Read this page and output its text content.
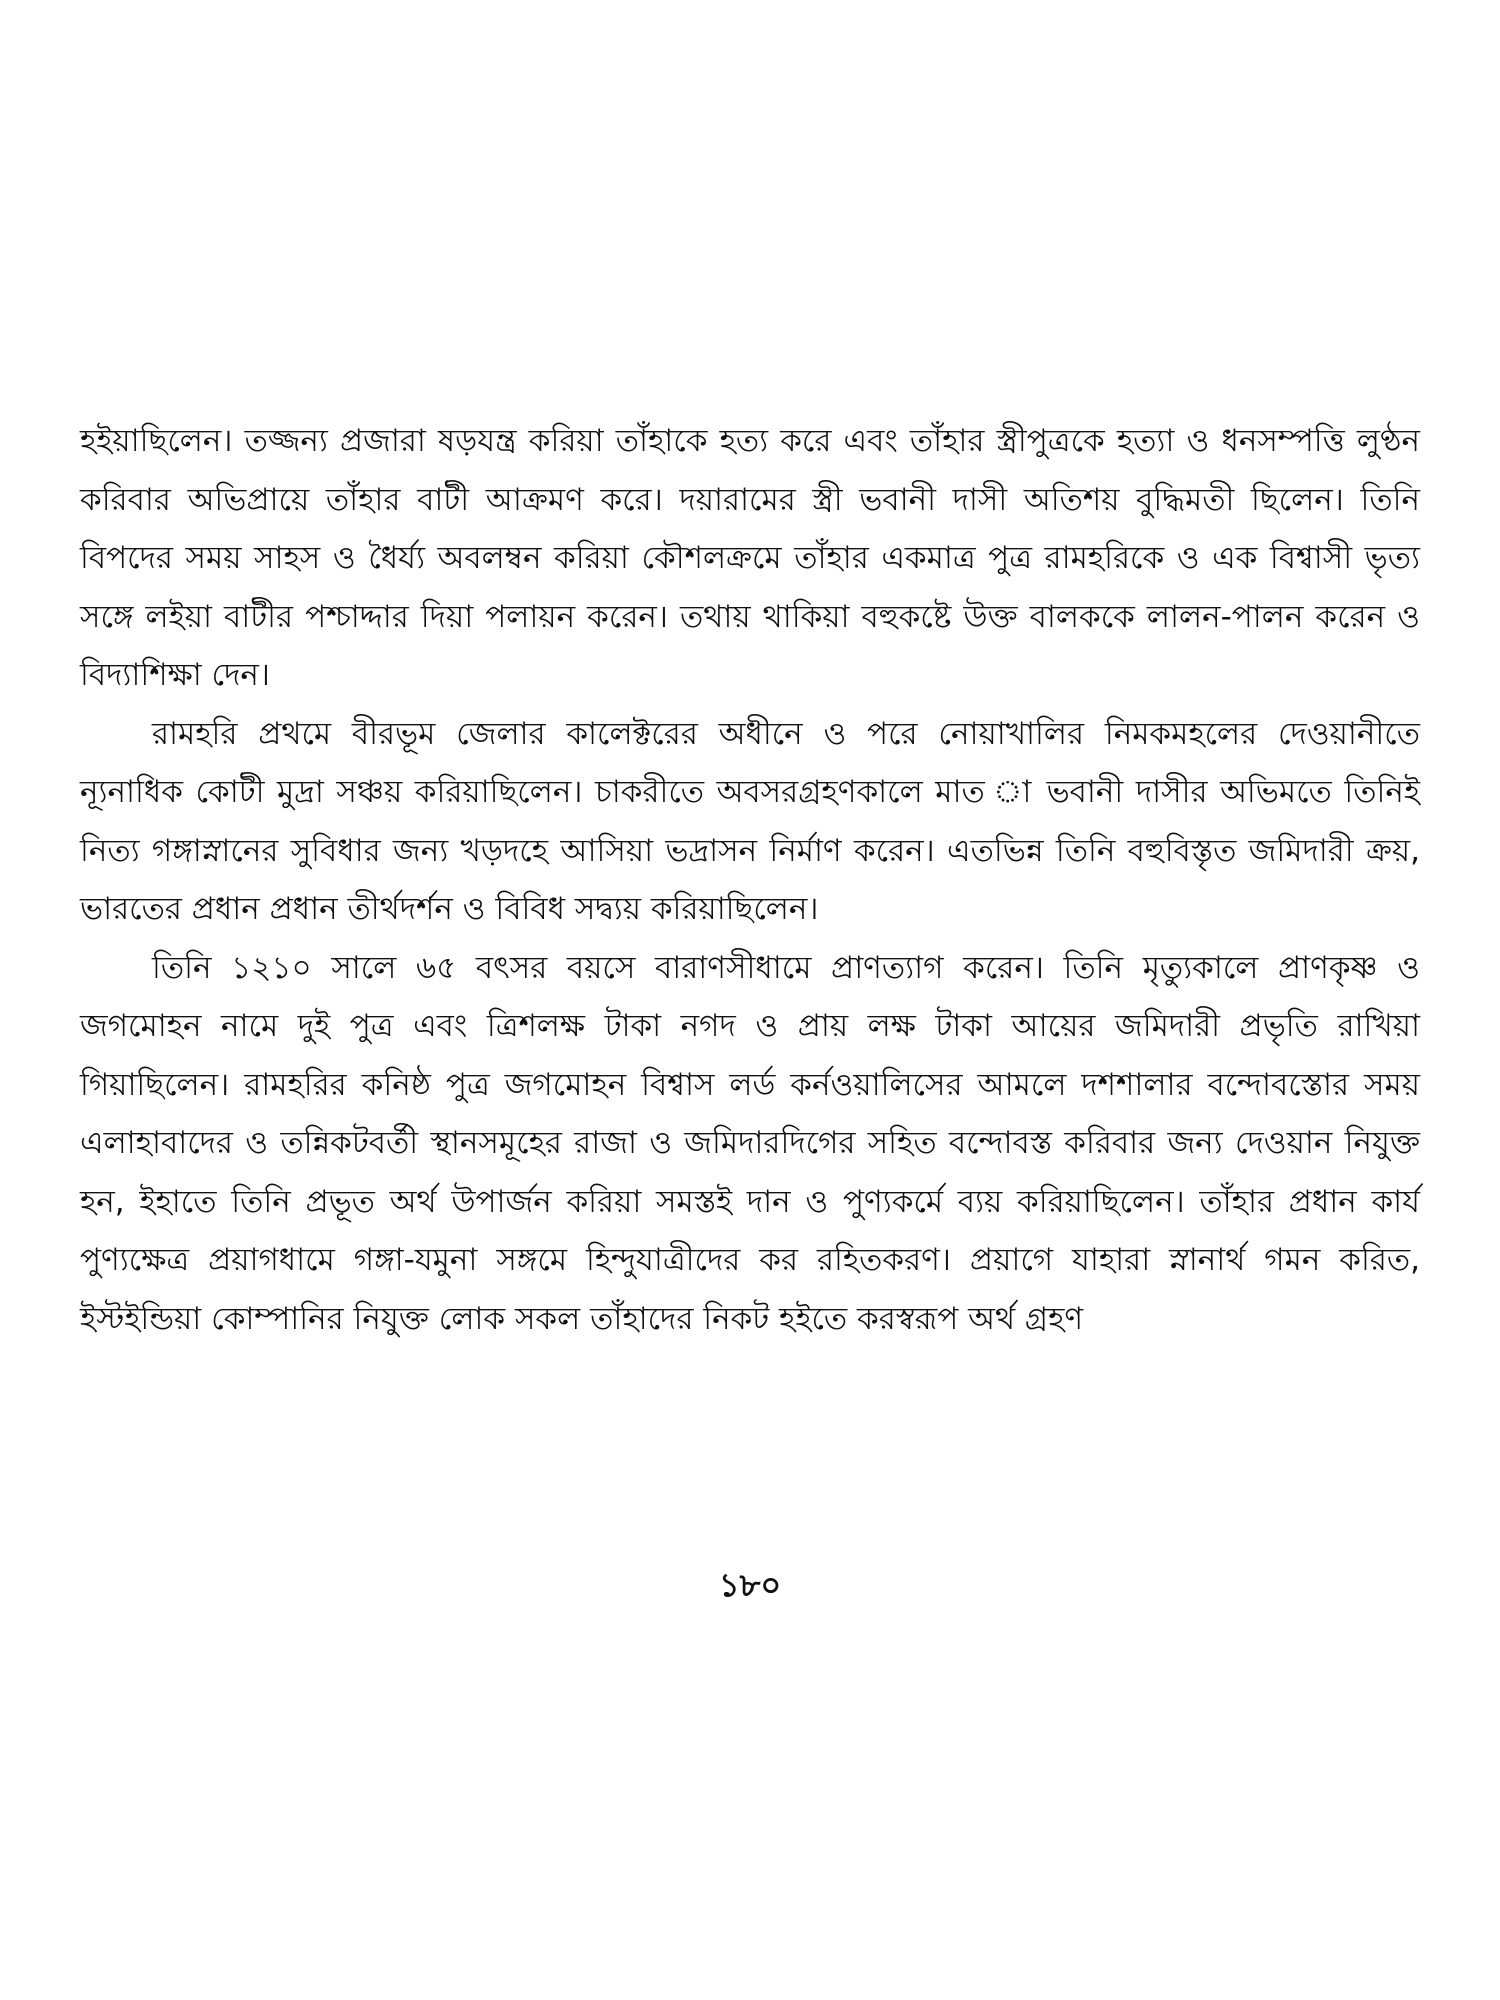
হইয়াছিলেন। তজ্জন্য প্রজারা ষড়যন্ত্র করিয়া তাঁহাকে হত্য করে এবং তাঁহার স্ত্রীপুত্রকে হত্যা ও ধনসম্পত্তি লুণ্ঠন করিবার অভিপ্রায়ে তাঁহার বাটী আক্রমণ করে। দয়ারামের স্ত্রী ভবানী দাসী অতিশয় বুদ্ধিমতী ছিলেন। তিনি বিপদের সময় সাহস ও ধৈর্য্য অবলম্বন করিয়া কৌশলক্রমে তাঁহার একমাত্র পুত্র রামহরিকে ও এক বিশ্বাসী ভৃত্য সঙ্গে লইয়া বাটীর পশ্চাদ্দার দিয়া পলায়ন করেন। তথায় থাকিয়া বহুকষ্টে উক্ত বালককে লালন-পালন করেন ও বিদ্যাশিক্ষা দেন।

রামহরি প্রথমে বীরভূম জেলার কালেক্টরের অধীনে ও পরে নোয়াখালির নিমকমহলের দেওয়ানীতে ন্যূনাধিক কোটী মুদ্রা সঞ্চয় করিয়াছিলেন। চাকরীতে অবসরগ্রহণকালে মাত া ভবানী দাসীর অভিমতে তিনিই নিত্য গঙ্গাস্নানের সুবিধার জন্য খড়দহে আসিয়া ভদ্রাসন নির্মাণ করেন। এতভিন্ন তিনি বহুবিস্তৃত জমিদারী ক্রয়, ভারতের প্রধান প্রধান তীর্থদর্শন ও বিবিধ সদ্ব্যয় করিয়াছিলেন।

তিনি ১২১০ সালে ৬৫ বৎসর বয়সে বারাণসীধামে প্রাণত্যাগ করেন। তিনি মৃত্যুকালে প্রাণকৃষ্ণ ও জগমোহন নামে দুই পুত্র এবং ত্রিশলক্ষ টাকা নগদ ও প্রায় লক্ষ টাকা আয়ের জমিদারী প্রভৃতি রাখিয়া গিয়াছিলেন। রামহরির কনিষ্ঠ পুত্র জগমোহন বিশ্বাস লর্ড কর্নওয়ালিসের আমলে দশশালার বন্দোবস্তোর সময় এলাহাবাদের ও তন্নিকটবর্তী স্থানসমূহের রাজা ও জমিদারদিগের সহিত বন্দোবস্ত করিবার জন্য দেওয়ান নিযুক্ত হন, ইহাতে তিনি প্রভূত অর্থ উপার্জন করিয়া সমস্তই দান ও পুণ্যকর্মে ব্যয় করিয়াছিলেন। তাঁহার প্রধান কার্য পুণ্যক্ষেত্র প্রয়াগধামে গঙ্গা-যমুনা সঙ্গমে হিন্দুযাত্রীদের কর রহিতকরণ। প্রয়াগে যাহারা স্নানার্থ গমন করিত, ইস্টইন্ডিয়া কোম্পানির নিযুক্ত লোক সকল তাঁহাদের নিকট হইতে করস্বরূপ অর্থ গ্রহণ

১৮০
